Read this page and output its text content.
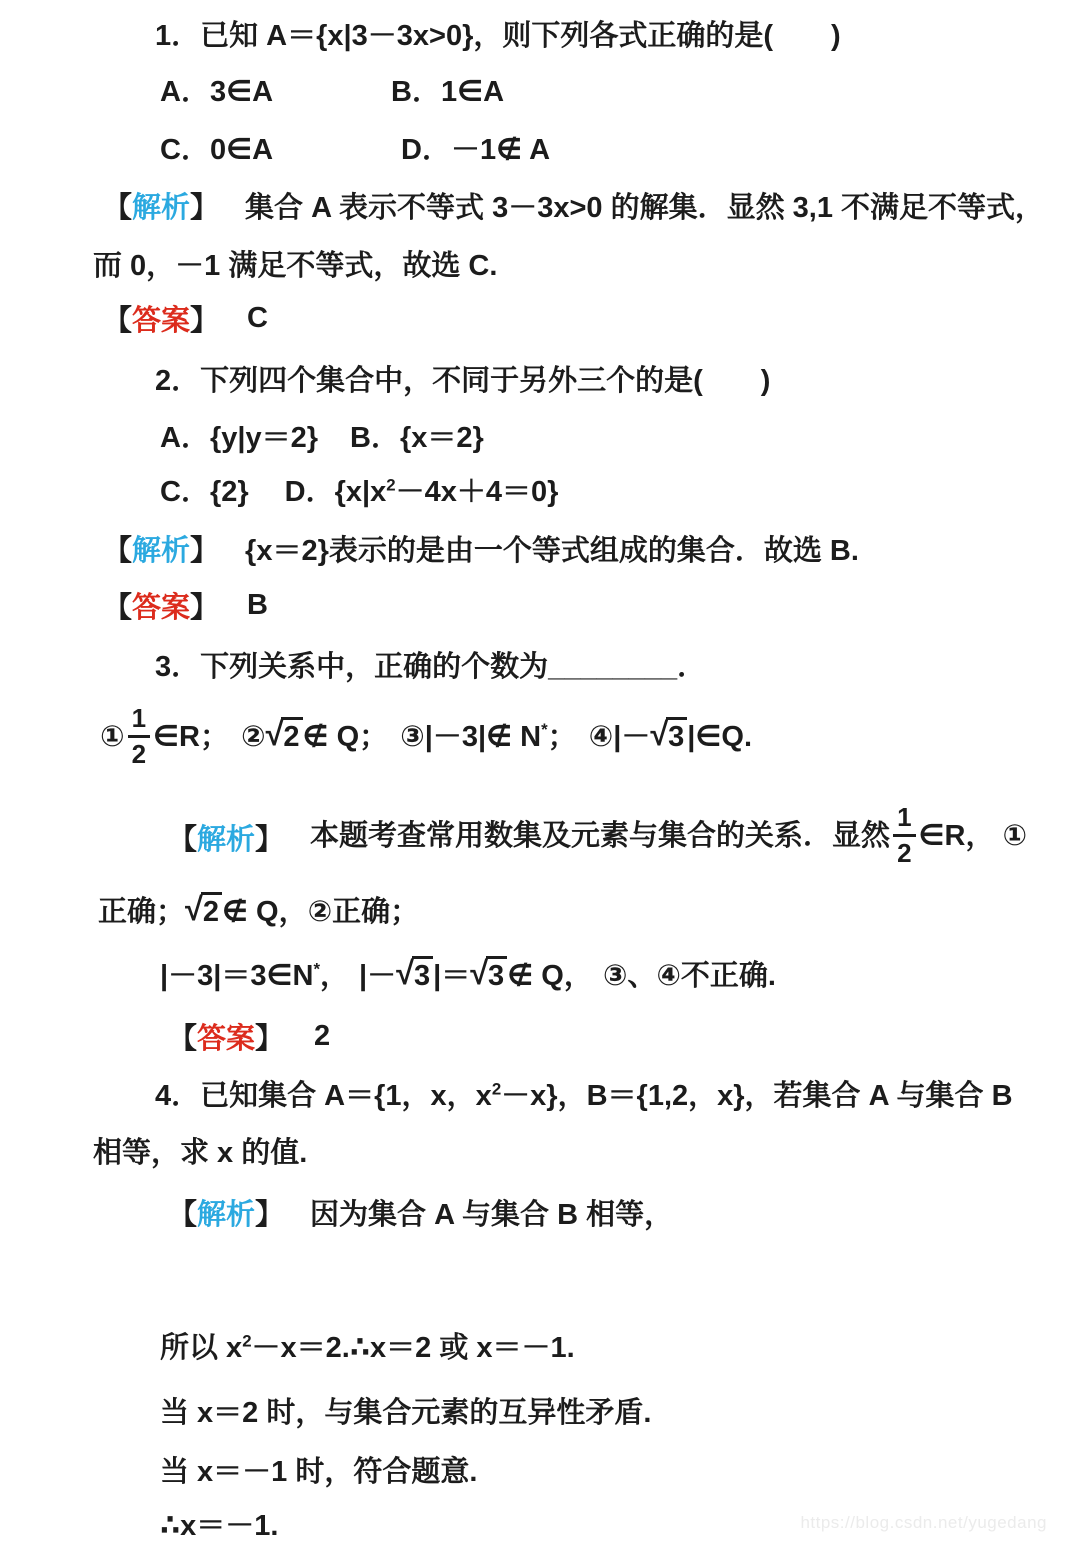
1．已知 A＝{x|3－3x>0}，则下列各式正确的是(　　)
A．3∈A	B．1∈A
C．0∈A	D．－1∉ A
【解析】 集合 A 表示不等式 3－3x>0 的解集．显然 3,1 不满足不等式，
而 0，－1 满足不等式，故选 C.
【答案】 C
2．下列四个集合中，不同于另外三个的是(　　)
A．{y|y＝2} B．{x＝2}
C．{2} D．$\{x|x^2-4x+4=0\}$
【解析】 {x＝2}表示的是由一个等式组成的集合．故选 B.
【答案】 B
3．下列关系中，正确的个数为________．
① $\frac{1}{2}$ ∈R； ②√2 ∉ Q； ③|－3|∉ N*； ④|－√3 |∈Q.
【解析】 本题考查常用数集及元素与集合的关系．显然 $\frac{1}{2}$ ∈R， ①
正确；√2 ∉ Q，②正确；
|－3|＝3∈N*， |－√3 |＝√3 ∉ Q， ③、④不正确.
【答案】 2
4．已知集合 A＝{1，x，$x^2-x$}，B＝{1,2，x}，若集合 A 与集合 B
相等，求 x 的值.
【解析】 因为集合 A 与集合 B 相等，
所以 $x^2-x=2.\therefore x=2$ 或 x＝－1.
当 x＝2 时，与集合元素的互异性矛盾.
当 x＝－1 时，符合题意.
∴x＝－1.	https://blog.csdn.net/yugedang
